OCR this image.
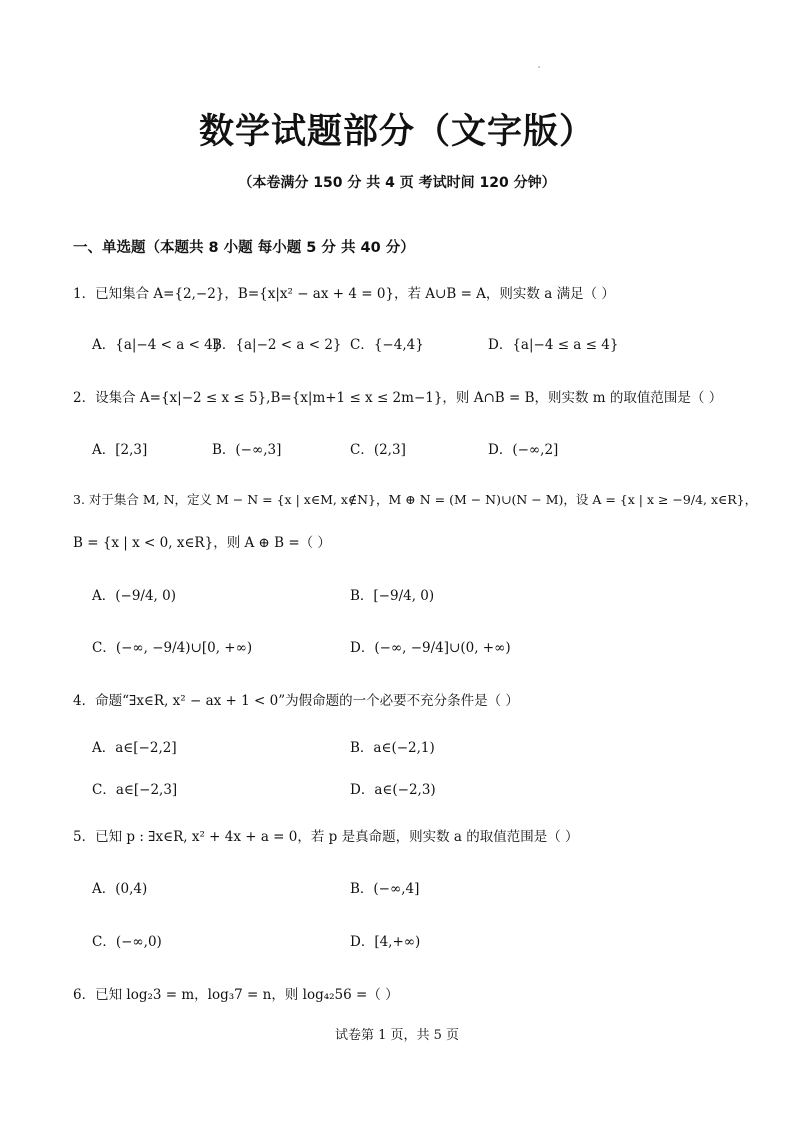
数学试题部分（文字版）
（本卷满分 150 分 共 4 页 考试时间 120 分钟）
一、单选题（本题共 8 小题 每小题 5 分 共 40 分）
1．已知集合 A={2,−2}，B={x|x² − ax + 4 = 0}，若 A∪B = A，则实数 a 满足（ ）
A．{a|−4 < a < 4}
B．{a|−2 < a < 2} C．{−4,4}	D．{a|−4 ≤ a ≤ 4}
2．设集合 A={x|−2 ≤ x ≤ 5},B={x|m+1 ≤ x ≤ 2m−1}，则 A∩B = B，则实数 m 的取值范围是（ ）
A．[2,3]	B．(−∞,3]	C．(2,3]	D．(−∞,2]
3. 对于集合 M, N，定义 M − N = {x | x∈M, x∉N}，M ⊕ N = (M − N)∪(N − M)，设 A = {x | x ≥ −9/4, x∈R}，
B = {x | x < 0, x∈R}，则 A ⊕ B =（ ）
A．(−9/4, 0)	B．[−9/4, 0)
C．(−∞, −9/4)∪[0, +∞)	D．(−∞, −9/4]∪(0, +∞)
4．命题“∃x∈R, x² − ax + 1 < 0”为假命题的一个必要不充分条件是（ ）
A．a∈[−2,2]	B．a∈(−2,1)
C．a∈[−2,3]	D．a∈(−2,3)
5．已知 p : ∃x∈R, x² + 4x + a = 0，若 p 是真命题，则实数 a 的取值范围是（ ）
A．(0,4)	B．(−∞,4]
C．(−∞,0)	D．[4,+∞)
6．已知 log₂3 = m，log₃7 = n，则 log₄₂56 =（ ）
试卷第 1 页，共 5 页
